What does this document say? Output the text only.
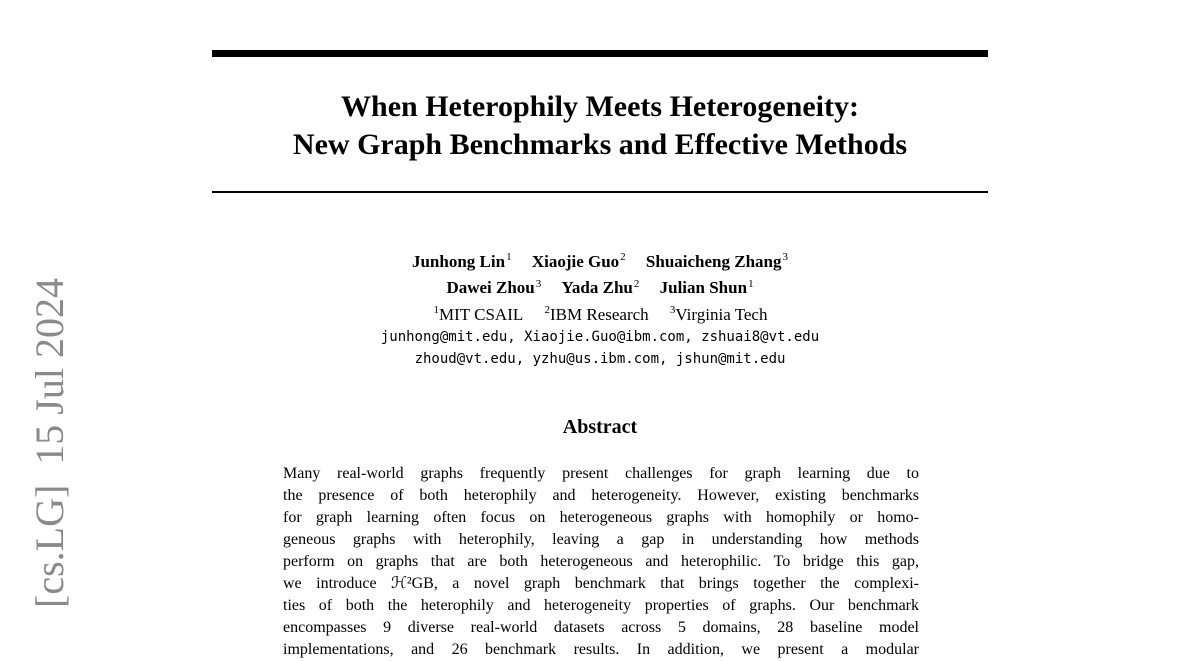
When Heterophily Meets Heterogeneity:
New Graph Benchmarks and Effective Methods
Junhong Lin$^1$ Xiaojie Guo$^2$ Shuaicheng Zhang$^3$
Dawei Zhou$^3$ Yada Zhu$^2$ Julian Shun$^1$
$^1$MIT CSAIL $^2$IBM Research $^3$Virginia Tech
junhong@mit.edu, Xiaojie.Guo@ibm.com, zshuai8@vt.edu
zhoud@vt.edu, yzhu@us.ibm.com, jshun@mit.edu
Abstract
Many real-world graphs frequently present challenges for graph learning due to
the presence of both heterophily and heterogeneity. However, existing benchmarks
for graph learning often focus on heterogeneous graphs with homophily or homo-
geneous graphs with heterophily, leaving a gap in understanding how methods
perform on graphs that are both heterogeneous and heterophilic. To bridge this gap,
we introduce ℋ²GB, a novel graph benchmark that brings together the complexi-
ties of both the heterophily and heterogeneity properties of graphs. Our benchmark
encompasses 9 diverse real-world datasets across 5 domains, 28 baseline model
implementations, and 26 benchmark results. In addition, we present a modular
[cs.LG]  15 Jul 2024
